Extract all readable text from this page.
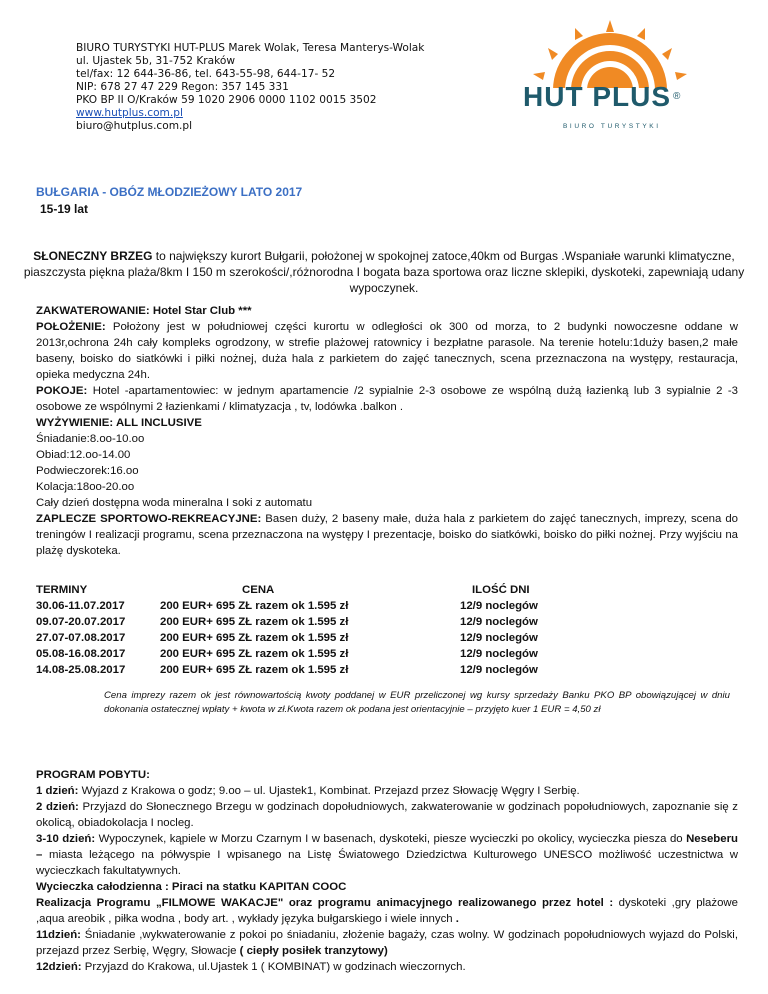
BIURO TURYSTYKI HUT-PLUS Marek Wolak, Teresa Manterys-Wolak
ul. Ujastek 5b, 31-752 Kraków
tel/fax: 12 644-36-86, tel. 643-55-98, 644-17- 52
NIP: 678 27 47 229 Regon: 357 145 331
PKO BP II O/Kraków 59 1020 2906 0000 1102 0015 3502
www.hutplus.com.pl
biuro@hutplus.com.pl
HUT PLUS ®
BIURO TURYSTYKI
BUŁGARIA - OBÓZ MŁODZIEŻOWY LATO 2017
15-19 lat
SŁONECZNY BRZEG to największy kurort Bułgarii, położonej w spokojnej zatoce,40km od Burgas .Wspaniałe warunki klimatyczne, piaszczysta piękna plaża/8km I 150 m szerokości/,różnorodna I bogata baza sportowa oraz liczne sklepiki, dyskoteki, zapewniają udany wypoczynek.

ZAKWATEROWANIE: Hotel Star Club ***

POŁOŻENIE: Położony jest w południowej części kurortu w odległości ok 300 od morza, to 2 budynki nowoczesne oddane w 2013r,ochrona 24h cały kompleks ogrodzony, w strefie plażowej ratownicy i bezpłatne parasole. Na terenie hotelu:1duży basen,2 małe baseny, boisko do siatkówki i piłki nożnej, duża hala z parkietem do zajęć tanecznych, scena przeznaczona na występy, restauracja, opieka medyczna 24h.

POKOJE: Hotel -apartamentowiec: w jednym apartamencie /2 sypialnie 2-3 osobowe ze wspólną dużą łazienką lub 3 sypialnie 2 -3 osobowe ze wspólnymi 2 łazienkami / klimatyzacja , tv, lodówka .balkon .

WYŻYWIENIE: ALL INCLUSIVE

Śniadanie:8.oo-10.oo

Obiad:12.oo-14.00

Podwieczorek:16.oo

Kolacja:18oo-20.oo

Cały dzień dostępna woda mineralna I soki z automatu

ZAPLECZE SPORTOWO-REKREACYJNE: Basen duży, 2 baseny małe, duża hala z parkietem do zajęć tanecznych, imprezy, scena do treningów I realizacji programu, scena przeznaczona na występy I prezentacje, boisko do siatkówki, boisko do piłki nożnej. Przy wyjściu na plażę dyskoteka.

TERMINY
30.06-11.07.2017
09.07-20.07.2017
27.07-07.08.2017
05.08-16.08.2017
14.08-25.08.2017
CENA
200 EUR+ 695 ZŁ razem ok 1.595 zł
200 EUR+ 695 ZŁ razem ok 1.595 zł
200 EUR+ 695 ZŁ razem ok 1.595 zł
200 EUR+ 695 ZŁ razem ok 1.595 zł
200 EUR+ 695 ZŁ razem ok 1.595 zł
ILOŚĆ DNI
12/9 noclegów
12/9 noclegów
12/9 noclegów
12/9 noclegów
12/9 noclegów
Cena imprezy razem ok jest równowartością kwoty poddanej w EUR przeliczonej wg kursy sprzedaży Banku PKO BP obowiązującej w dniu dokonania ostatecznej wpłaty + kwota w zł.Kwota razem ok podana jest orientacyjnie – przyjęto kuer 1 EUR = 4,50 zł

PROGRAM POBYTU:

1 dzień: Wyjazd z Krakowa o godz; 9.oo – ul. Ujastek1, Kombinat. Przejazd przez Słowację Węgry I Serbię.

2 dzień: Przyjazd do Słonecznego Brzegu w godzinach dopołudniowych, zakwaterowanie w godzinach popołudniowych, zapoznanie się z okolicą, obiadokolacja I nocleg.

3-10 dzień: Wypoczynek, kąpiele w Morzu Czarnym I w basenach, dyskoteki, piesze wycieczki po okolicy, wycieczka piesza do Neseberu – miasta leżącego na półwyspie I wpisanego na Listę Światowego Dziedzictwa Kulturowego UNESCO możliwość uczestnictwa w wycieczkach fakultatywnych.

Wycieczka całodzienna : Piraci na statku KAPITAN COOC

Realizacja Programu „FILMOWE WAKACJE" oraz programu animacyjnego realizowanego przez hotel : dyskoteki ,gry plażowe ,aqua areobik , piłka wodna , body art. , wykłady języka bułgarskiego i wiele innych .

11dzień: Śniadanie ,wykwaterowanie z pokoi po śniadaniu, złożenie bagaży, czas wolny. W godzinach popołudniowych wyjazd do Polski, przejazd przez Serbię, Węgry, Słowacje ( ciepły posiłek tranzytowy)

12dzień: Przyjazd do Krakowa, ul.Ujastek 1 ( KOMBINAT) w godzinach wieczornych.
